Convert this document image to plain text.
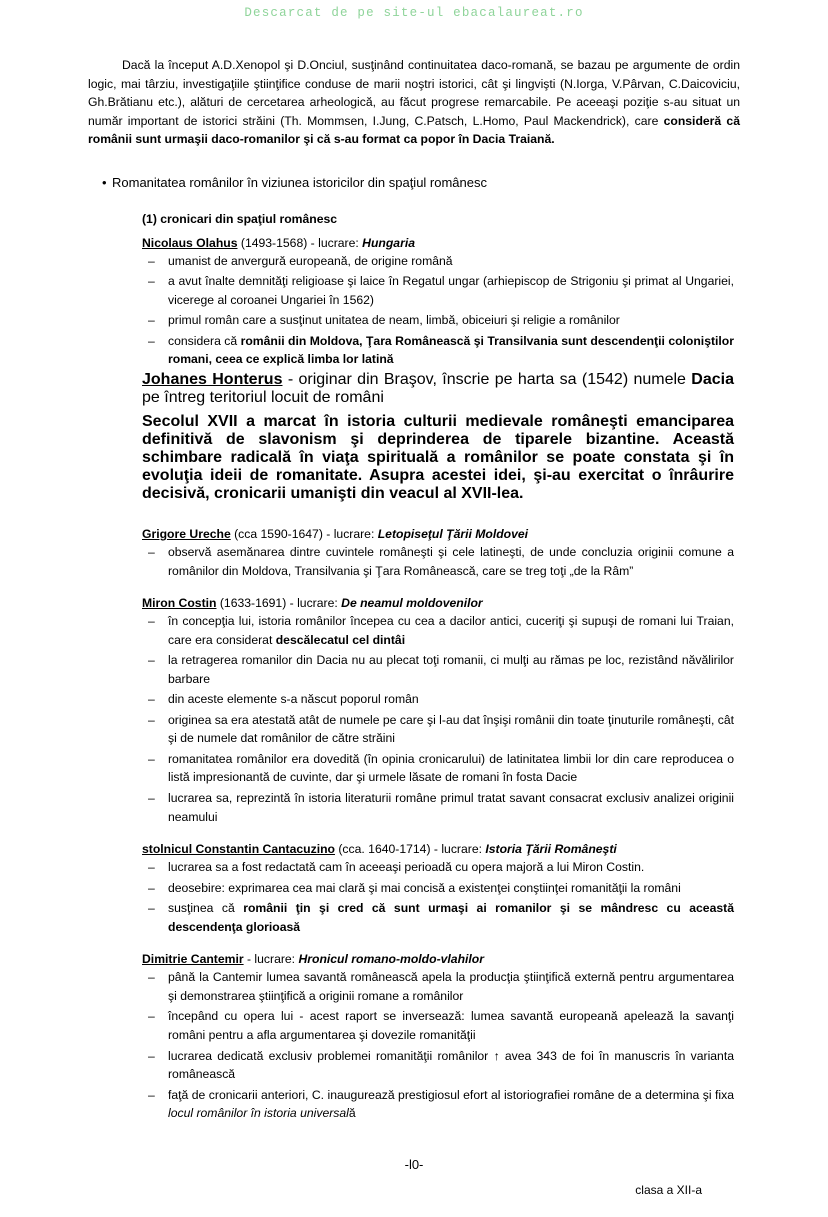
Descarcat de pe site-ul ebacalaureat.ro

Dacă la început A.D.Xenopol şi D.Onciul, susţinând continuitatea daco-romană, se bazau pe argumente de ordin logic, mai târziu, investigaţiile ştiinţifice conduse de marii noştri istorici, cât şi lingvişti (N.Iorga, V.Pârvan, C.Daicoviciu, Gh.Brătianu etc.), alături de cercetarea arheologică, au făcut progrese remarcabile. Pe aceeaşi poziţie s-au situat un număr important de istorici străini (Th. Mommsen, I.Jung, C.Patsch, L.Homo, Paul Mackendrick), care consideră că românii sunt urmaşii daco-romanilor şi că s-au format ca popor în Dacia Traiană.

• Romanitatea românilor în viziunea istoricilor din spaţiul românesc
(1) cronicari din spaţiul românesc
Nicolaus Olahus (1493-1568) - lucrare: Hungaria
– umanist de anvergură europeană, de origine română
– a avut înalte demnităţi religioase şi laice în Regatul ungar (arhiepiscop de Strigoniu şi primat al Ungariei, vicerege al coroanei Ungariei în 1562)
– primul român care a susţinut unitatea de neam, limbă, obiceiuri şi religie a românilor
– considera că românii din Moldova, Ţara Românească şi Transilvania sunt descendenţii coloniştilor romani, ceea ce explică limba lor latină
Johanes Honterus - originar din Braşov, înscrie pe harta sa (1542) numele Dacia pe întreg teritoriul locuit de români
Secolul XVII a marcat în istoria culturii medievale româneşti emanciparea definitivă de slavonism şi deprinderea de tiparele bizantine. Această schimbare radicală în viaţa spirituală a românilor se poate constata şi în evoluţia ideii de romanitate. Asupra acestei idei, şi-au exercitat o înrâurire decisivă, cronicarii umanişti din veacul al XVII-lea.
Grigore Ureche (cca 1590-1647) - lucrare: Letopiseţul Ţării Moldovei
– observă asemănarea dintre cuvintele româneşti şi cele latineşti, de unde concluzia originii comune a românilor din Moldova, Transilvania şi Ţara Românească, care se treg toţi „de la Râm”
Miron Costin (1633-1691) - lucrare: De neamul moldovenilor
– în concepţia lui, istoria românilor începea cu cea a dacilor antici, cuceriţi şi supuşi de romani lui Traian, care era considerat descălecatul cel dintâi
– la retragerea romanilor din Dacia nu au plecat toţi romanii, ci mulţi au rămas pe loc, rezistând năvălirilor barbare
– din aceste elemente s-a născut poporul român
– originea sa era atestată atât de numele pe care şi l-au dat înşişi românii din toate ţinuturile româneşti, cât şi de numele dat românilor de către străini
– romanitatea românilor era dovedită (în opinia cronicarului) de latinitatea limbii lor din care reproducea o listă impresionantă de cuvinte, dar şi urmele lăsate de romani în fosta Dacie
– lucrarea sa, reprezintă în istoria literaturii române primul tratat savant consacrat exclusiv analizei originii neamului
stolnicul Constantin Cantacuzino (cca. 1640-1714) - lucrare: Istoria Ţării Româneşti
– lucrarea sa a fost redactată cam în aceeaşi perioadă cu opera majoră a lui Miron Costin.
– deosebire: exprimarea cea mai clară şi mai concisă a existenţei conştiinţei romanităţii la români
– susţinea că românii ţin şi cred că sunt urmaşi ai romanilor şi se mândresc cu această descendenţa glorioasă
Dimitrie Cantemir - lucrare: Hronicul romano-moldo-vlahilor
– până la Cantemir lumea savantă românească apela la producţia ştiinţifică externă pentru argumentarea şi demonstrarea ştiinţifică a originii romane a românilor
– începând cu opera lui - acest raport se inversează: lumea savantă europeană apelează la savanţi români pentru a afla argumentarea şi dovezile romanităţii
– lucrarea dedicată exclusiv problemei romanităţii românilor ↑ avea 343 de foi în manuscris în varianta românească
– faţă de cronicarii anteriori, C. inaugurează prestigiosul efort al istoriografiei române de a determina şi fixa locul românilor în istoria universală
-l0-
clasa a XII-a
